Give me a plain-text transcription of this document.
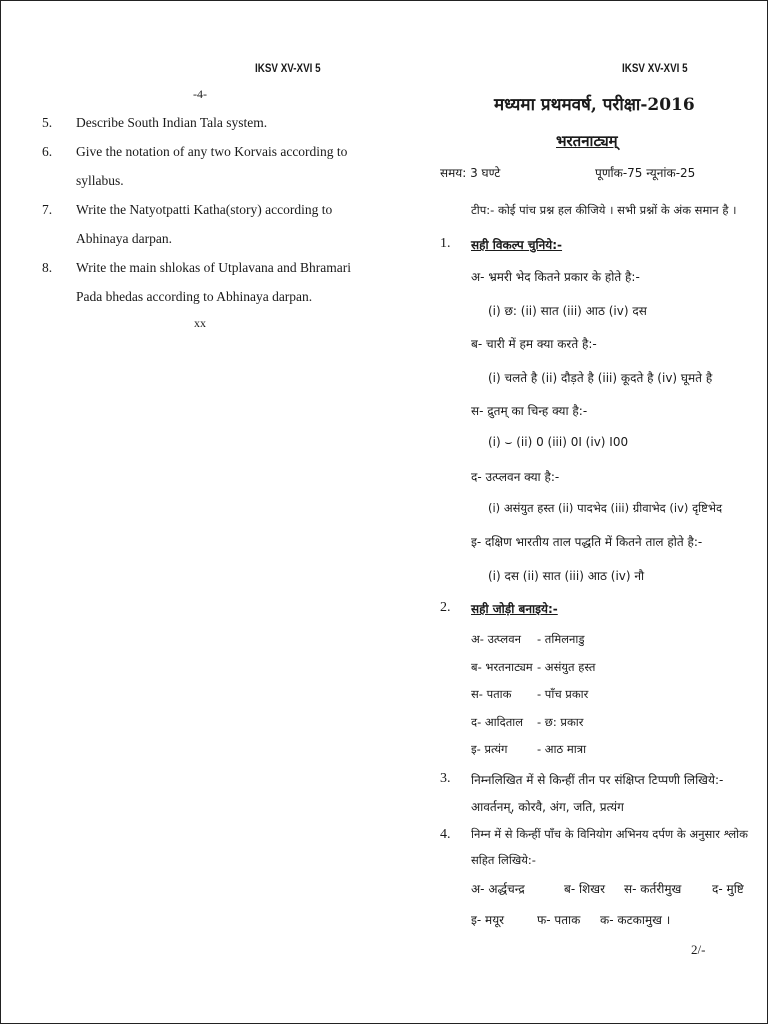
IKSV XV-XVI 5
-4-
5. Describe South Indian Tala system.
6. Give the notation of any two Korvais according to
syllabus.
7. Write the Natyotpatti Katha(story) according to
Abhinaya darpan.
8. Write the main shlokas of Utplavana and Bhramari
Pada bhedas according to Abhinaya darpan.
xx
IKSV XV-XVI 5
मध्यमा प्रथमवर्ष, परीक्षा-2016
भरतनाट्यम्
समय: 3 घण्टे	पूर्णांक-75 न्यूनांक-25
टीप:- कोई पांच प्रश्न हल कीजिये । सभी प्रश्नों के अंक समान है ।
1. सही विकल्प चुनिये:-
अ- भ्रमरी भेद कितने प्रकार के होते है:-
(i) छ: (ii) सात (iii) आठ (iv) दस
ब- चारी में हम क्या करते है:-
(i) चलते है (ii) दौड़ते है (iii) कूदते है (iv) घूमते है
स- द्रुतम् का चिन्ह क्या है:-
(i) ⌣ (ii) 0 (iii) 0I (iv) I00
द- उत्प्लवन क्या है:-
(i) असंयुत हस्त (ii) पादभेद (iii) ग्रीवाभेद (iv) दृष्टिभेद
इ- दक्षिण भारतीय ताल पद्धति में कितने ताल होते है:-
(i) दस (ii) सात (iii) आठ (iv) नौ
2. सही जोड़ी बनाइये:-
अ- उत्प्लवन - तमिलनाडु
ब- भरतनाट्यम - असंयुत हस्त
स- पताक - पाँच प्रकार
द- आदिताल - छ: प्रकार
इ- प्रत्यंग	- आठ मात्रा
3. निम्नलिखित में से किन्हीं तीन पर संक्षिप्त टिप्पणी लिखिये:-
आवर्तनम्, कोरवै, अंग, जति, प्रत्यंग
4. निम्न में से किन्हीं पाँच के विनियोग अभिनय दर्पण के अनुसार श्लोक
सहित लिखिये:-
अ- अर्द्धचन्द्र	ब- शिखर स- कर्तरीमुख	द- मुष्टि
इ- मयूर	फ- पताक क- कटकामुख ।
2/-
